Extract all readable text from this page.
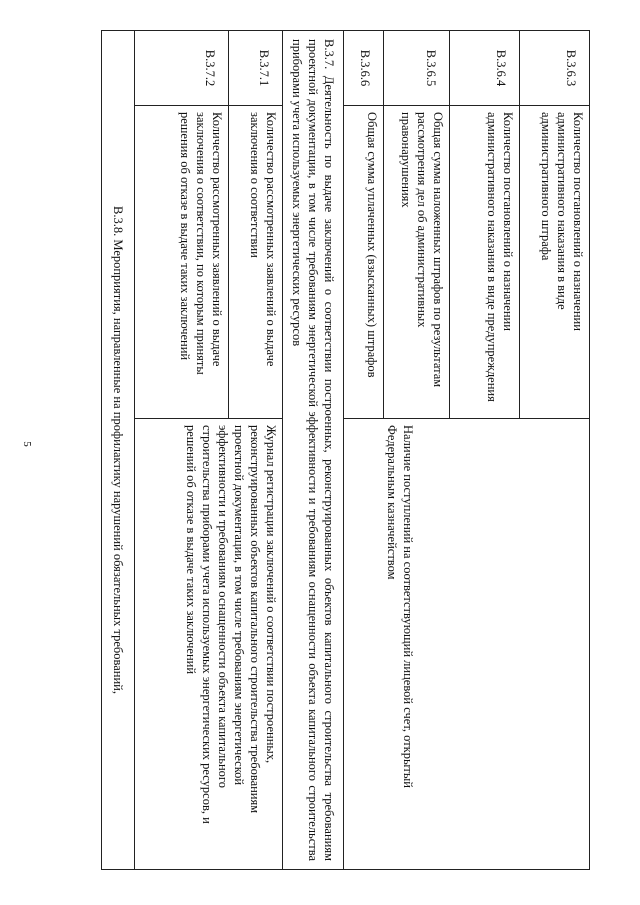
5
В.3.6.3	Количество постановлений о назначении административного наказания в виде административного штрафа	Наличие поступлений на соответствующий лицевой счет, открытый Федеральным казначейством
В.3.6.4	Количество постановлений о назначении административного наказания в виде предупреждения	
В.3.6.5	Общая сумма наложенных штрафов по результатам рассмотрения дел об административных правонарушениях	
В.3.6.6	Общая сумма уплаченных (взысканных) штрафов	
В.3.7. Деятельность по выдаче заключений о соответствии построенных, реконструированных объектов капитального строительства требованиям проектной документации, в том числе требованиям энергетической эффективности и требованиям оснащенности объекта капитального строительства приборами учета используемых энергетических ресурсов		
В.3.7.1	Количество рассмотренных заявлений о выдаче заключения о соответствии	Журнал регистрации заключений о соответствии построенных, реконструированных объектов капитального строительства требованиям проектной документации, в том числе требованиям энергетической эффективности и требованиям оснащенности объекта капитального строительства приборами учета используемых энергетических ресурсов, и решений об отказе в выдаче таких заключений
В.3.7.2	Количество рассмотренных заявлений о выдаче заключения о соответствии, по которым приняты решения об отказе в выдаче таких заключений	
В.3.8. Мероприятия, направленные на профилактику нарушений обязательных требований,		
